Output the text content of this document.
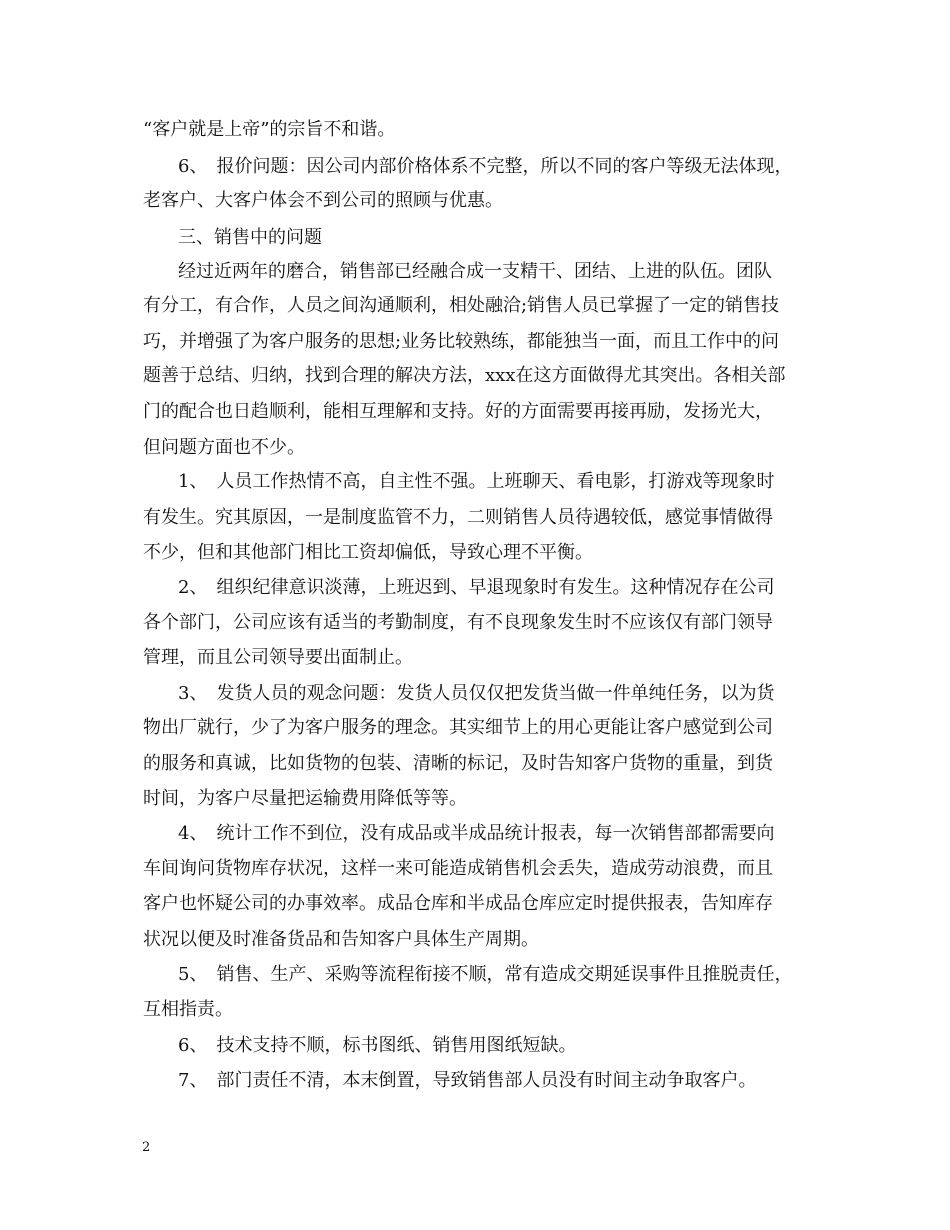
“客户就是上帝”的宗旨不和谐。
6、　报价问题：因公司内部价格体系不完整，所以不同的客户等级无法体现，
老客户、大客户体会不到公司的照顾与优惠。
三、销售中的问题
经过近两年的磨合，销售部已经融合成一支精干、团结、上进的队伍。团队
有分工，有合作，人员之间沟通顺利，相处融洽;销售人员已掌握了一定的销售技
巧，并增强了为客户服务的思想;业务比较熟练，都能独当一面，而且工作中的问
题善于总结、归纳，找到合理的解决方法，xxx在这方面做得尤其突出。各相关部
门的配合也日趋顺利，能相互理解和支持。好的方面需要再接再励，发扬光大，
但问题方面也不少。
1、　人员工作热情不高，自主性不强。上班聊天、看电影，打游戏等现象时
有发生。究其原因，一是制度监管不力，二则销售人员待遇较低，感觉事情做得
不少，但和其他部门相比工资却偏低，导致心理不平衡。
2、　组织纪律意识淡薄，上班迟到、早退现象时有发生。这种情况存在公司
各个部门，公司应该有适当的考勤制度，有不良现象发生时不应该仅有部门领导
管理，而且公司领导要出面制止。
3、　发货人员的观念问题：发货人员仅仅把发货当做一件单纯任务，以为货
物出厂就行，少了为客户服务的理念。其实细节上的用心更能让客户感觉到公司
的服务和真诚，比如货物的包装、清晰的标记，及时告知客户货物的重量，到货
时间，为客户尽量把运输费用降低等等。
4、　统计工作不到位，没有成品或半成品统计报表，每一次销售部都需要向
车间询问货物库存状况，这样一来可能造成销售机会丢失，造成劳动浪费，而且
客户也怀疑公司的办事效率。成品仓库和半成品仓库应定时提供报表，告知库存
状况以便及时准备货品和告知客户具体生产周期。
5、　销售、生产、采购等流程衔接不顺，常有造成交期延误事件且推脱责任，
互相指责。
6、　技术支持不顺，标书图纸、销售用图纸短缺。
7、　部门责任不清，本末倒置，导致销售部人员没有时间主动争取客户。
2
